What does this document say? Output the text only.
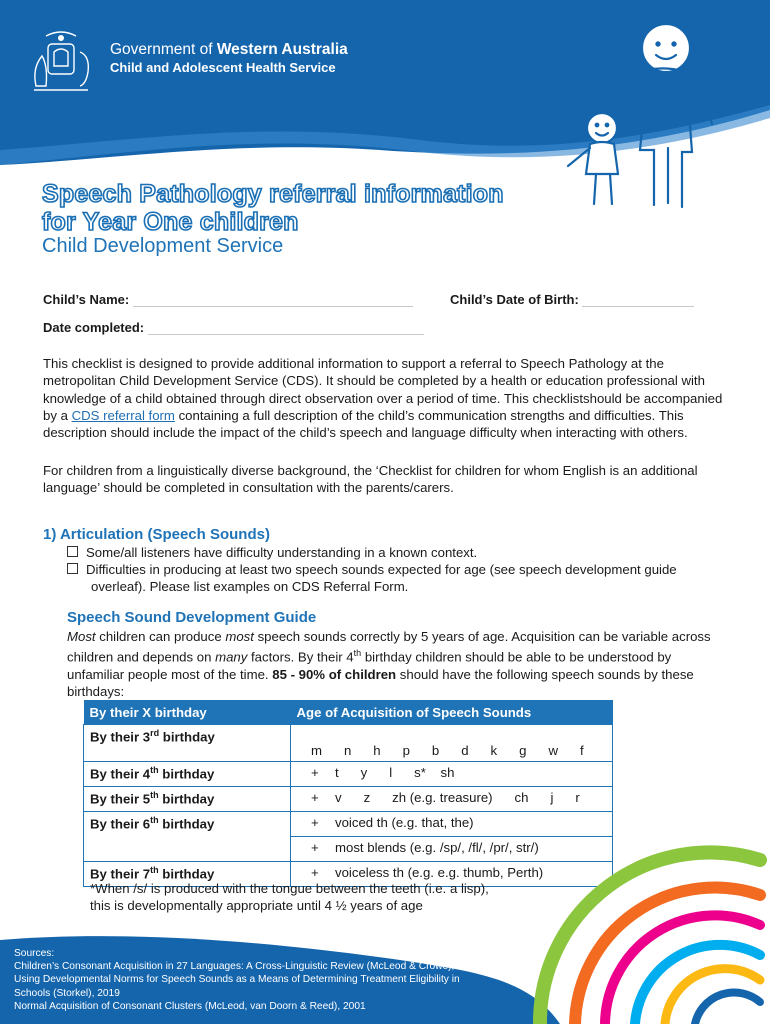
Government of Western Australia
Child and Adolescent Health Service
Speech Pathology referral information
for Year One children
Child Development Service
Child’s Name:	Child’s Date of Birth:
Date completed:
This checklist is designed to provide additional information to support a referral to Speech Pathology at the metropolitan Child Development Service (CDS). It should be completed by a health or education professional with knowledge of a child obtained through direct observation over a period of time. This checklistshould be accompanied by a CDS referral form containing a full description of the child’s communication strengths and difficulties. This description should include the impact of the child’s speech and language difficulty when interacting with others.
For children from a linguistically diverse background, the ‘Checklist for children for whom English is an additional language’ should be completed in consultation with the parents/carers.
1) Articulation (Speech Sounds)
Some/all listeners have difficulty understanding in a known context.
Difficulties in producing at least two speech sounds expected for age (see speech development guide overleaf). Please list examples on CDS Referral Form.
Speech Sound Development Guide
Most children can produce most speech sounds correctly by 5 years of age. Acquisition can be variable across children and depends on many factors. By their 4th birthday children should be able to be understood by unfamiliar people most of the time. 85 - 90% of children should have the following speech sounds by these birthdays:
By their X birthday	Age of Acquisition of Speech Sounds
By their 3rd birthday	m      n      h      p      b      d      k      g      w      f
By their 4th birthday	+ t      y      l      s*    sh
By their 5th birthday	+ v      z      zh (e.g. treasure)      ch      j      r
By their 6th birthday	+ voiced th (e.g. that, the)
	+ most blends (e.g. /sp/, /fl/, /pr/, str/)
By their 7th birthday	+ voiceless th (e.g. e.g. thumb, Perth)
*When /s/ is produced with the tongue between the teeth (i.e. a lisp),
this is developmentally appropriate until 4 ½ years of age
Sources:
Children’s Consonant Acquisition in 27 Languages: A Cross-Linguistic Review (McLeod & Crowe), 2018
Using Developmental Norms for Speech Sounds as a Means of Determining Treatment Eligibility in
Schools (Storkel), 2019
Normal Acquisition of Consonant Clusters (McLeod, van Doorn & Reed), 2001
